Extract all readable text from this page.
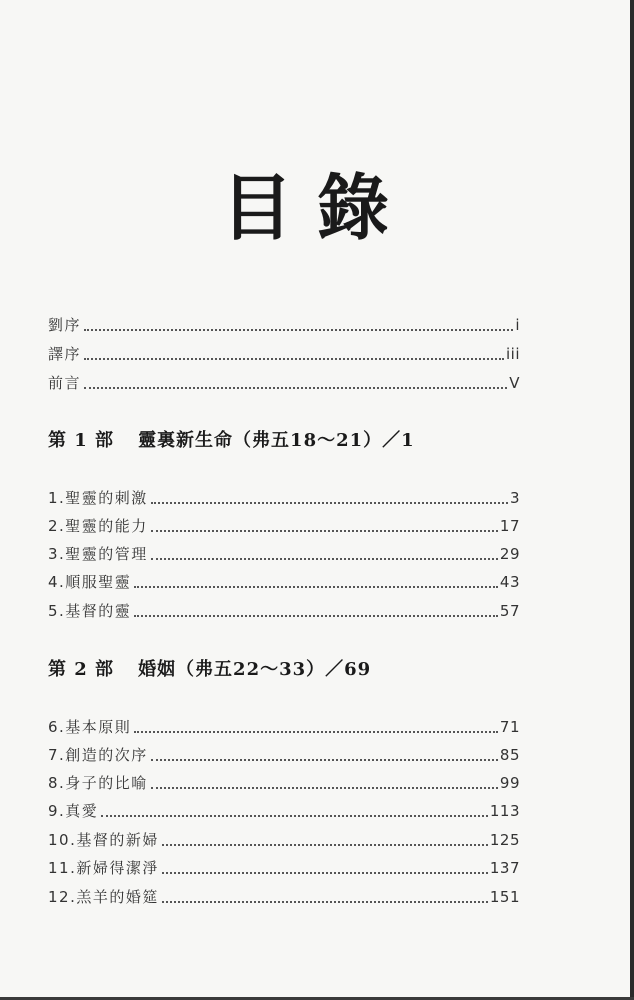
目錄
劉序	i
譯序	iii
前言	V
第 1 部 靈裏新生命（弗五18～21）／1
1.聖靈的刺激	3
2.聖靈的能力	17
3.聖靈的管理	29
4.順服聖靈	43
5.基督的靈	57
第 2 部 婚姻（弗五22～33）／69
6.基本原則	71
7.創造的次序	85
8.身子的比喻	99
9.真愛	113
10.基督的新婦	125
11.新婦得潔淨	137
12.羔羊的婚筵	151
